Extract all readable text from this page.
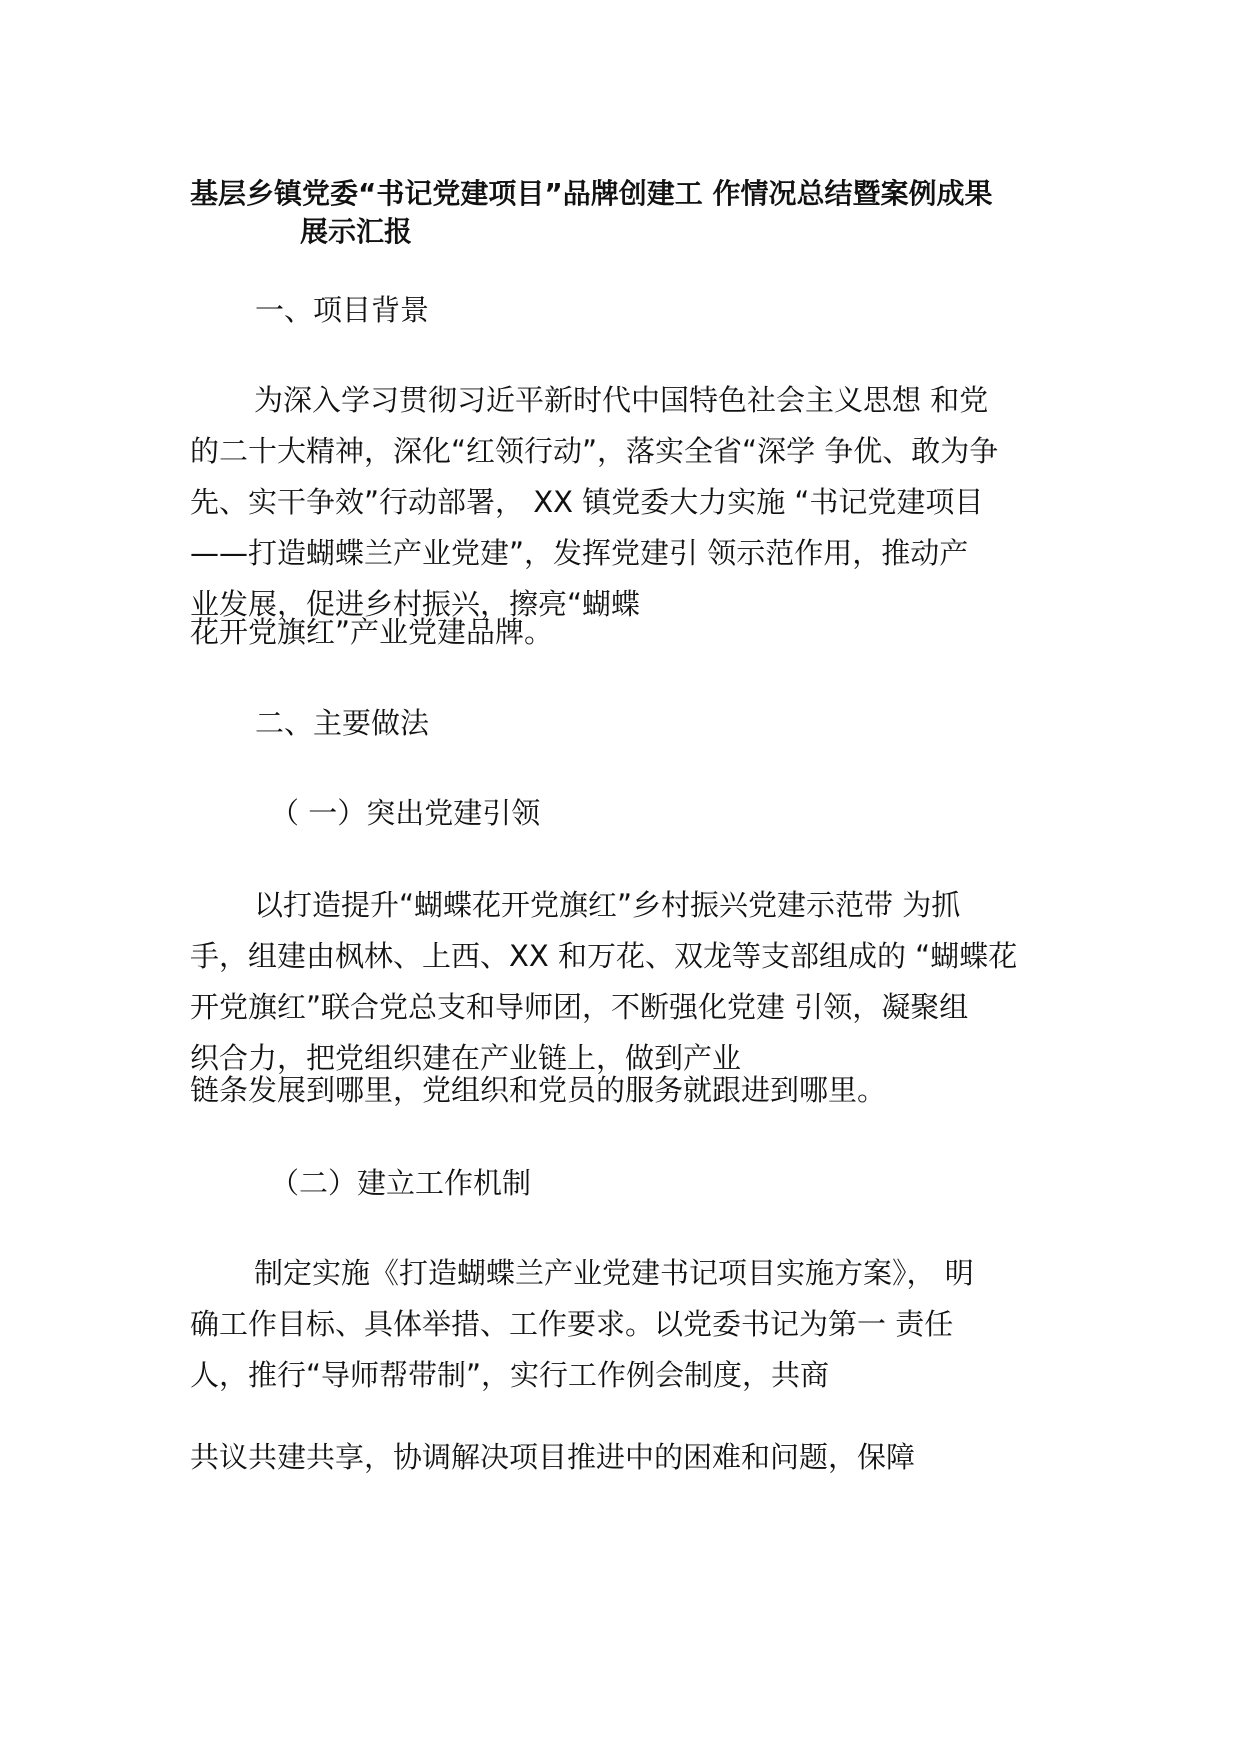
基层乡镇党委“书记党建项目”品牌创建工 作情况总结暨案例成果
展示汇报

一、项目背景

为深入学习贯彻习近平新时代中国特色社会主义思想 和党
的二十大精神，深化“红领行动”，落实全省“深学 争优、敢为争
先、实干争效”行动部署， XX 镇党委大力实施 “书记党建项目
——打造蝴蝶兰产业党建”，发挥党建引 领示范作用，推动产
业发展，促进乡村振兴，擦亮“蝴蝶

花开党旗红”产业党建品牌。

二、主要做法

（ 一）突出党建引领

以打造提升“蝴蝶花开党旗红”乡村振兴党建示范带 为抓
手，组建由枫林、上西、XX 和万花、双龙等支部组成的 “蝴蝶花
开党旗红”联合党总支和导师团，不断强化党建 引领，凝聚组
织合力，把党组织建在产业链上，做到产业

链条发展到哪里，党组织和党员的服务就跟进到哪里。

（二）建立工作机制

制定实施《打造蝴蝶兰产业党建书记项目实施方案》， 明
确工作目标、具体举措、工作要求。以党委书记为第一 责任
人，推行“导师帮带制”，实行工作例会制度，共商

共议共建共享，协调解决项目推进中的困难和问题，保障
